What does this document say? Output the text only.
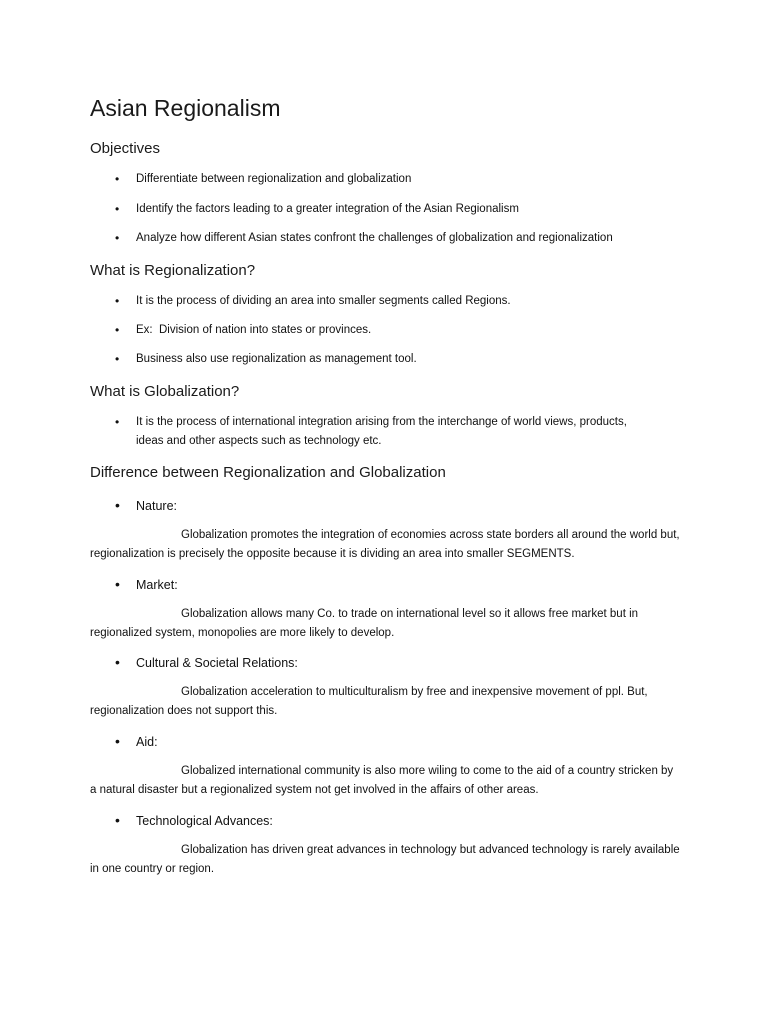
Asian Regionalism
Objectives
•	Differentiate between regionalization and globalization
•	Identify the factors leading to a greater integration of the Asian Regionalism
•	Analyze how different Asian states confront the challenges of globalization and regionalization
What is Regionalization?
•	It is the process of dividing an area into smaller segments called Regions.
•	Ex:  Division of nation into states or provinces.
•	Business also use regionalization as management tool.
What is Globalization?
•	It is the process of international integration arising from the interchange of world views, products, ideas and other aspects such as technology etc.
Difference between Regionalization and Globalization
•	Nature:
Globalization promotes the integration of economies across state borders all around the world but, regionalization is precisely the opposite because it is dividing an area into smaller SEGMENTS.
•	Market:
Globalization allows many Co. to trade on international level so it allows free market but in regionalized system, monopolies are more likely to develop.
•	Cultural & Societal Relations:
Globalization acceleration to multiculturalism by free and inexpensive movement of ppl. But, regionalization does not support this.
•	Aid:
Globalized international community is also more wiling to come to the aid of a country stricken by a natural disaster but a regionalized system not get involved in the affairs of other areas.
•	Technological Advances:
Globalization has driven great advances in technology but advanced technology is rarely available in one country or region.
